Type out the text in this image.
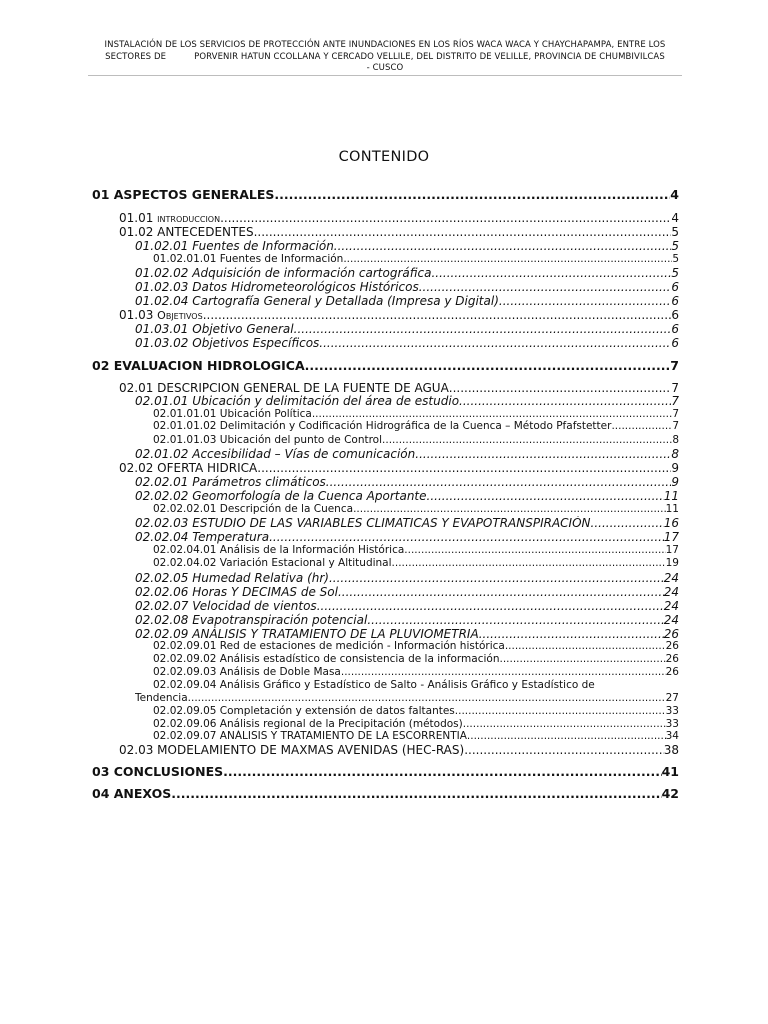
INSTALACIÓN DE LOS SERVICIOS DE PROTECCIÓN ANTE INUNDACIONES EN LOS RÍOS WACA WACA Y CHAYCHAPAMPA, ENTRE LOS
SECTORES DE          PORVENIR HATUN CCOLLANA Y CERCADO VELLILE, DEL DISTRITO DE VELILLE, PROVINCIA DE CHUMBIVILCAS
- CUSCO
CONTENIDO
01 ASPECTOS GENERALES .....	4
01.01 introduccion .....	4
01.02 ANTECEDENTES .....	5
01.02.01 Fuentes de Información .....	5
01.02.01.01 Fuentes de Información .....	5
01.02.02 Adquisición de información cartográfica .....	5
01.02.03 Datos Hidrometeorológicos Históricos .....	6
01.02.04 Cartografía General y Detallada (Impresa y Digital) .....	6
01.03 Objetivos .....	6
01.03.01 Objetivo General .....	6
01.03.02 Objetivos Específicos .....	6
02 EVALUACION HIDROLOGICA .....	7
02.01 DESCRIPCION GENERAL DE LA FUENTE DE AGUA .....	7
02.01.01 Ubicación y delimitación del área de estudio .....	7
02.01.01.01 Ubicación Política .....	7
02.01.01.02 Delimitación y Codificación Hidrográfica de la Cuenca – Método Pfafstetter .....	7
02.01.01.03 Ubicación del punto de Control .....	8
02.01.02 Accesibilidad – Vías de comunicación .....	8
02.02 OFERTA HIDRICA .....	9
02.02.01 Parámetros climáticos .....	9
02.02.02 Geomorfología de la Cuenca Aportante .....	11
02.02.02.01 Descripción de la Cuenca .....	11
02.02.03 ESTUDIO DE LAS VARIABLES CLIMATICAS Y EVAPOTRANSPIRACIÓN .....	16
02.02.04 Temperatura .....	17
02.02.04.01 Análisis de la Información Histórica .....	17
02.02.04.02 Variación Estacional y Altitudinal .....	19
02.02.05 Humedad Relativa (hr) .....	24
02.02.06 Horas Y DECIMAS de Sol .....	24
02.02.07 Velocidad de vientos .....	24
02.02.08 Evapotranspiración potencial .....	24
02.02.09 ANÁLISIS Y TRATAMIENTO DE LA PLUVIOMETRIA .....	26
02.02.09.01 Red de estaciones de medición - Información histórica .....	26
02.02.09.02 Análisis estadístico de consistencia de la información .....	26
02.02.09.03 Análisis de Doble Masa .....	26
02.02.09.04 Análisis Gráfico y Estadístico de Salto - Análisis Gráfico y Estadístico de
Tendencia .....	27
02.02.09.05 Completación y extensión de datos faltantes .....	33
02.02.09.06 Análisis regional de la Precipitación (métodos) .....	33
02.02.09.07 ANÁLISIS Y TRATAMIENTO DE LA ESCORRENTIA .....	34
02.03 MODELAMIENTO DE MAXMAS AVENIDAS (HEC-RAS) .....	38
03 CONCLUSIONES .....	41
04 ANEXOS .....	42
